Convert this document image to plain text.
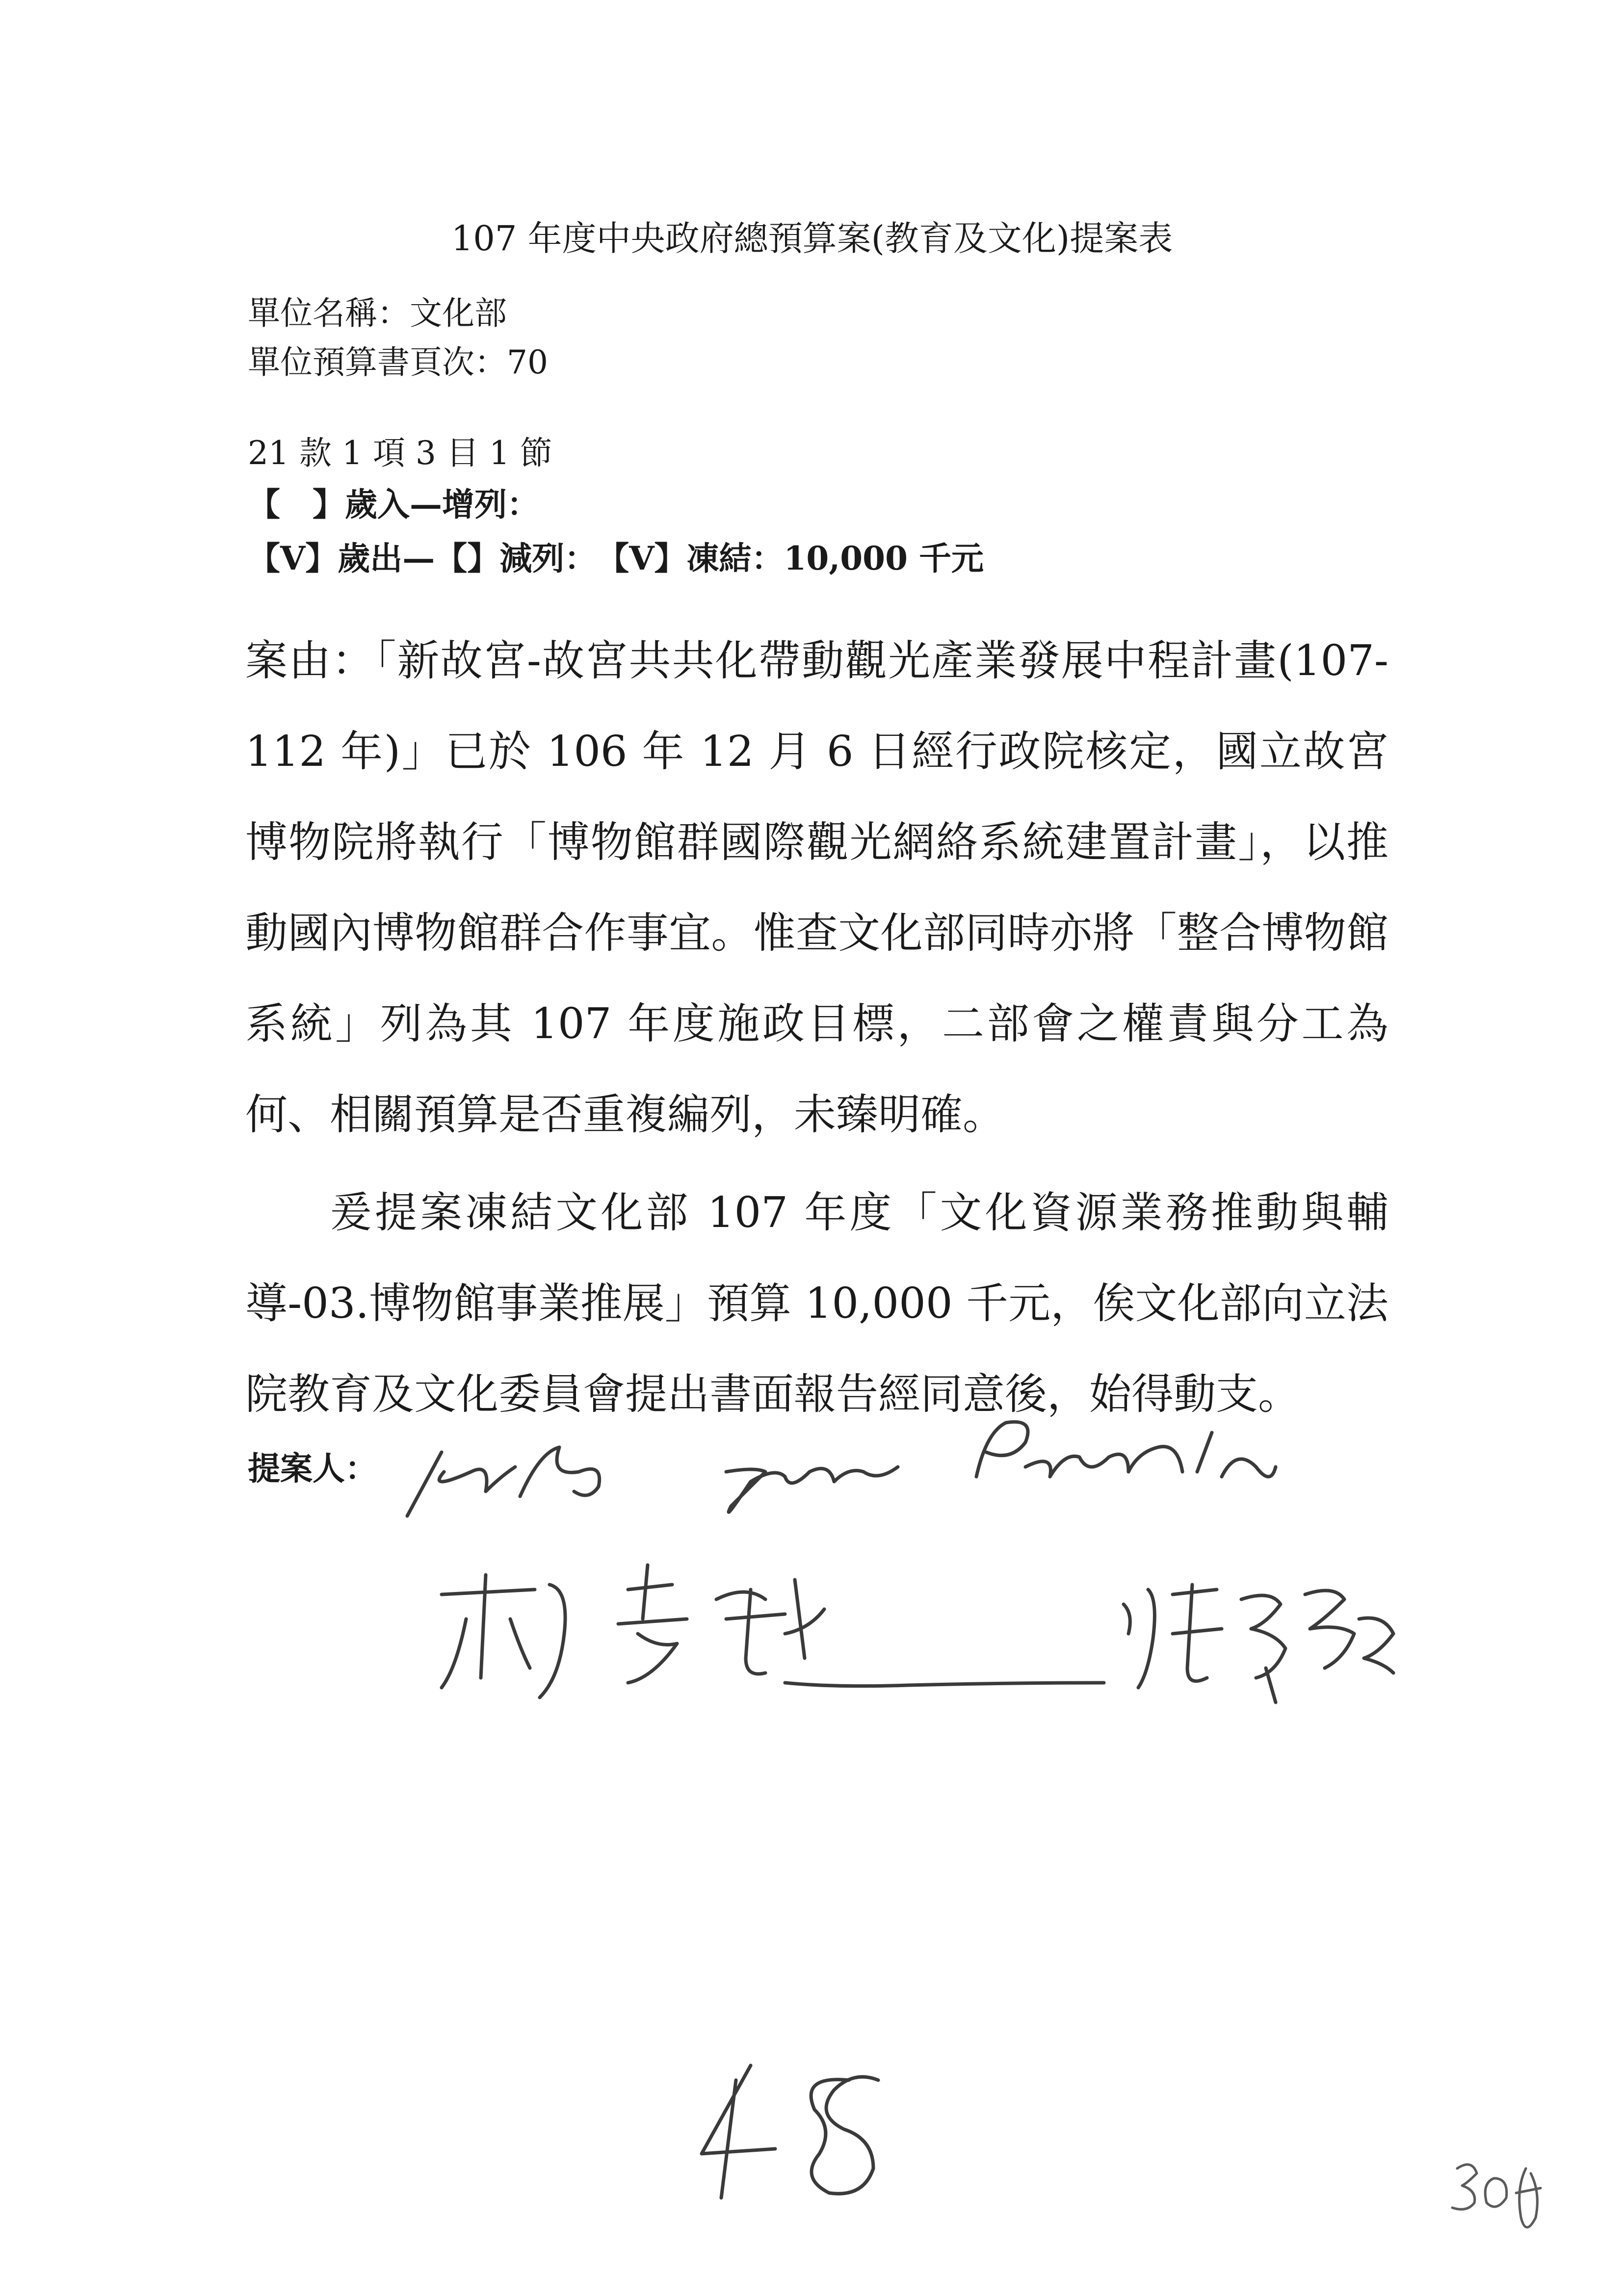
107 年度中央政府總預算案(教育及文化)提案表
單位名稱：文化部
單位預算書頁次：70
21 款 1 項 3 目 1 節
【　】歲入—增列：
【V】歲出—【】減列：　【V】凍結：10,000 千元
案由：「新故宮-故宮共共化帶動觀光產業發展中程計畫(107-112 年)」已於 106 年 12 月 6 日經行政院核定，國立故宮博物院將執行「博物館群國際觀光網絡系統建置計畫」，以推動國內博物館群合作事宜。惟查文化部同時亦將「整合博物館系統」列為其 107 年度施政目標，二部會之權責與分工為何、相關預算是否重複編列，未臻明確。
爰提案凍結文化部 107 年度「文化資源業務推動與輔導-03.博物館事業推展」預算 10,000 千元，俟文化部向立法院教育及文化委員會提出書面報告經同意後，始得動支。
提案人：
